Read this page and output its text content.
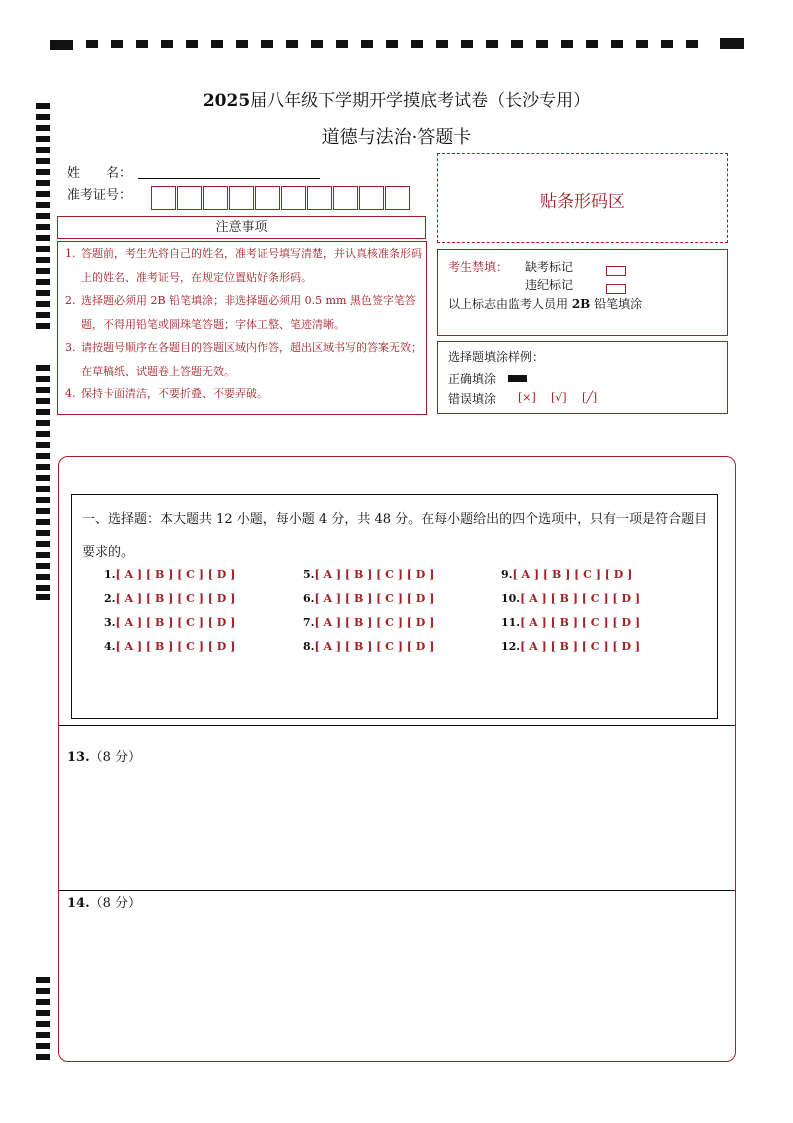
2025届八年级下学期开学摸底考试卷（长沙专用）
道德与法治·答题卡
姓　　名：
准考证号：	贴条形码区
注意事项
1. 答题前，考生先将自己的姓名，准考证号填写清楚，并认真核准条形码上的姓名、准考证号，在规定位置贴好条形码。
2. 选择题必须用 2B 铅笔填涂；非选择题必须用 0.5 mm 黑色签字笔答题，不得用铅笔或圆珠笔答题；字体工整、笔迹清晰。
3. 请按题号顺序在各题目的答题区域内作答，超出区域书写的答案无效；在草稿纸、试题卷上答题无效。
4. 保持卡面清洁，不要折叠、不要弄破。
考生禁填： 缺考标记
违纪标记
以上标志由监考人员用 2B 铅笔填涂
选择题填涂样例：
正确填涂
错误填涂 [×] [√] [╱]
一、选择题：本大题共 12 小题，每小题 4 分，共 48 分。在每小题给出的四个选项中，只有一项是符合题目要求的。
1.[ A ] [ B ] [ C ] [ D ]
2.[ A ] [ B ] [ C ] [ D ]
3.[ A ] [ B ] [ C ] [ D ]
4.[ A ] [ B ] [ C ] [ D ]
5.[ A ] [ B ] [ C ] [ D ]
6.[ A ] [ B ] [ C ] [ D ]
7.[ A ] [ B ] [ C ] [ D ]
8.[ A ] [ B ] [ C ] [ D ]
9.[ A ] [ B ] [ C ] [ D ]
10.[ A ] [ B ] [ C ] [ D ]
11.[ A ] [ B ] [ C ] [ D ]
12.[ A ] [ B ] [ C ] [ D ]
13.（8 分）
14.（8 分）
